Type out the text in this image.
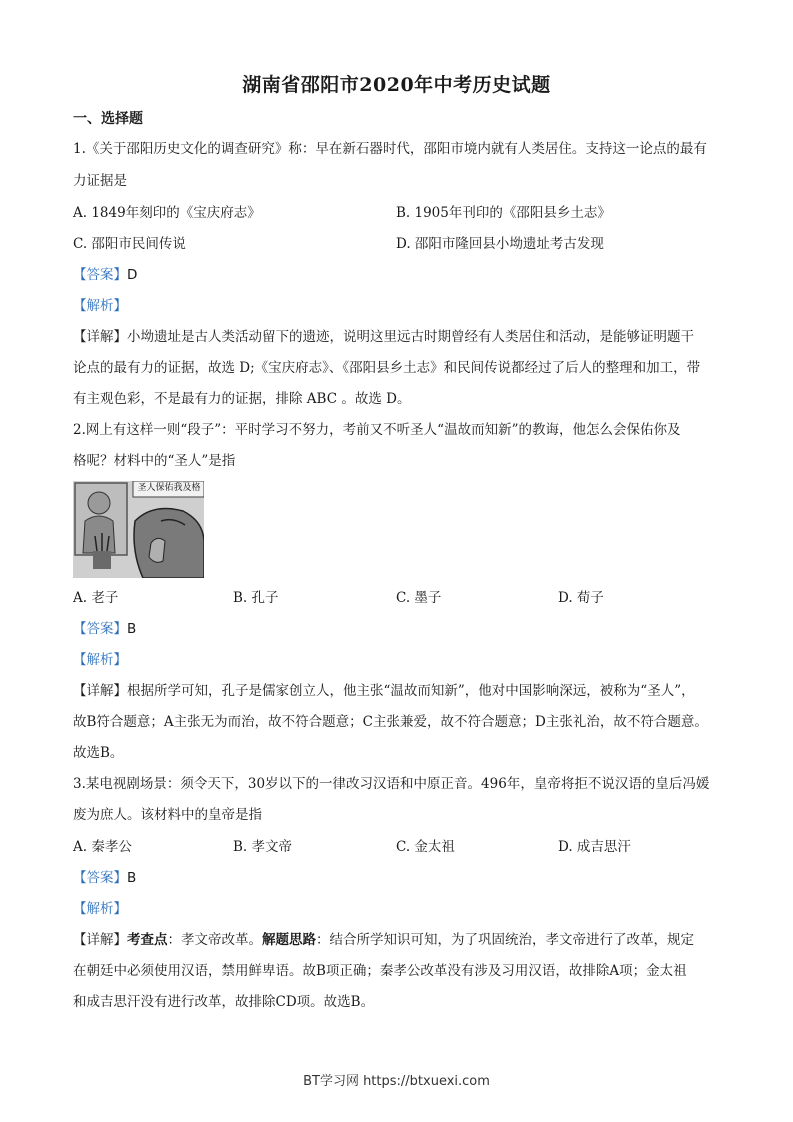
湖南省邵阳市2020年中考历史试题
一、选择题
1.《关于邵阳历史文化的调查研究》称：早在新石器时代，邵阳市境内就有人类居住。支持这一论点的最有
力证据是
A. 1849年刻印的《宝庆府志》	B. 1905年刊印的《邵阳县乡土志》
C. 邵阳市民间传说	D. 邵阳市隆回县小坳遗址考古发现
【答案】D
【解析】
【详解】小坳遗址是古人类活动留下的遗迹，说明这里远古时期曾经有人类居住和活动，是能够证明题干
论点的最有力的证据，故选 D;《宝庆府志》、《邵阳县乡土志》和民间传说都经过了后人的整理和加工，带
有主观色彩，不是最有力的证据，排除 ABC 。故选 D。
2.网上有这样一则“段子”：平时学习不努力，考前又不听圣人“温故而知新”的教诲，他怎么会保佑你及
格呢？材料中的“圣人”是指
圣人保佑我及格
A. 老子	B. 孔子	C. 墨子	D. 荀子
【答案】B
【解析】
【详解】根据所学可知，孔子是儒家创立人，他主张“温故而知新”，他对中国影响深远，被称为“圣人”，
故B符合题意；A主张无为而治，故不符合题意；C主张兼爱，故不符合题意；D主张礼治，故不符合题意。
故选B。
3.某电视剧场景：须令天下，30岁以下的一律改习汉语和中原正音。496年，皇帝将拒不说汉语的皇后冯媛
废为庶人。该材料中的皇帝是指
A. 秦孝公	B. 孝文帝	C. 金太祖	D. 成吉思汗
【答案】B
【解析】
【详解】考查点：孝文帝改革。解题思路：结合所学知识可知，为了巩固统治，孝文帝进行了改革，规定
在朝廷中必须使用汉语，禁用鲜卑语。故B项正确；秦孝公改革没有涉及习用汉语，故排除A项；金太祖
和成吉思汗没有进行改革，故排除CD项。故选B。
BT学习网 https://btxuexi.com
